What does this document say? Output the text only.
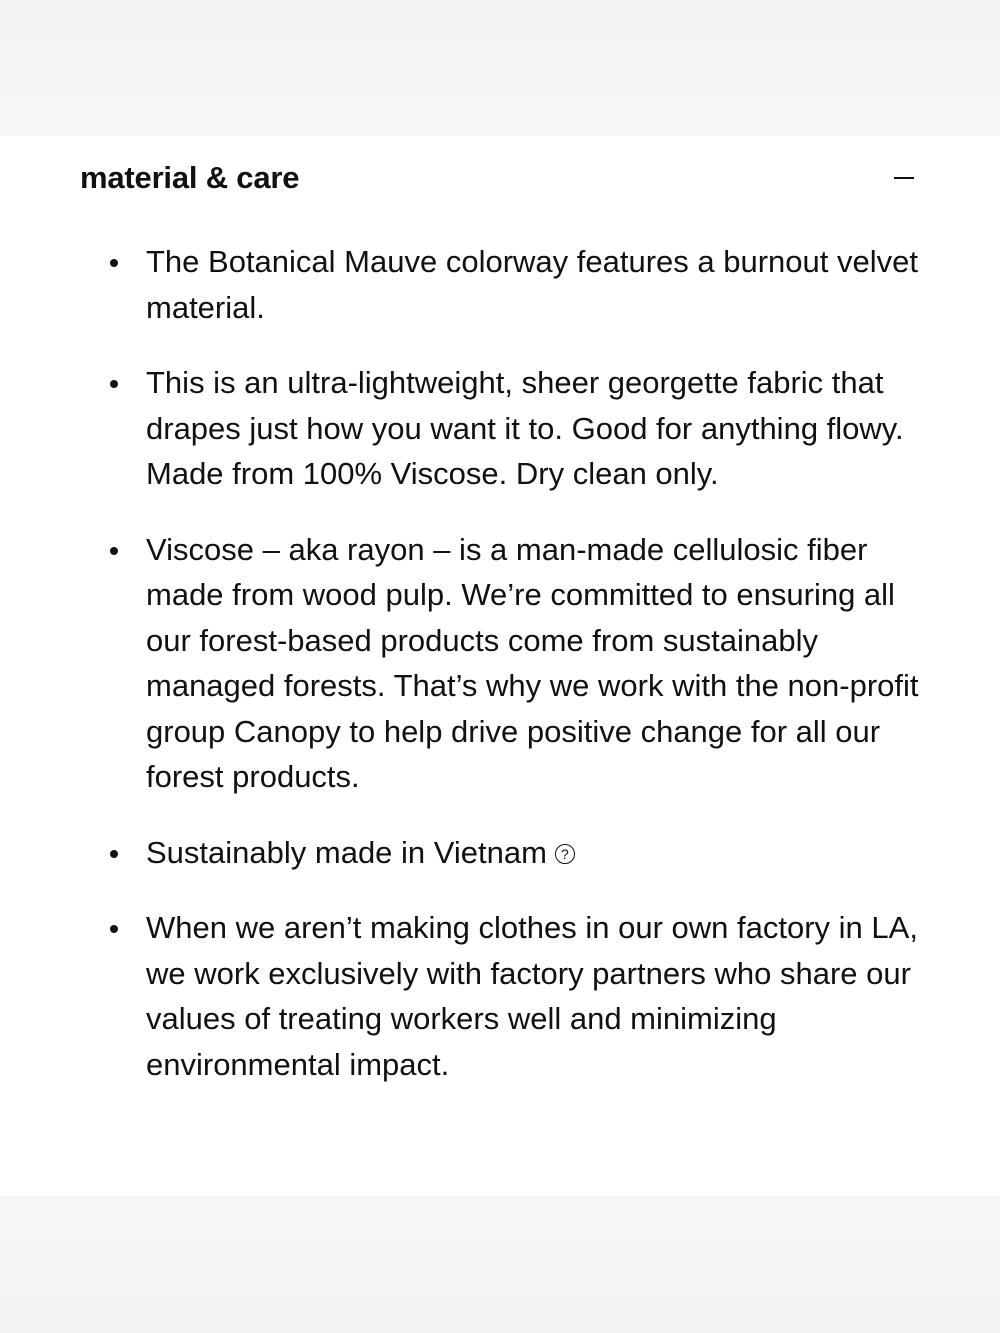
material & care
The Botanical Mauve colorway features a burnout velvet material.
This is an ultra-lightweight, sheer georgette fabric that drapes just how you want it to. Good for anything flowy. Made from 100% Viscose. Dry clean only.
Viscose – aka rayon – is a man-made cellulosic fiber made from wood pulp. We’re committed to ensuring all our forest-based products come from sustainably managed forests. That’s why we work with the non-profit group Canopy to help drive positive change for all our forest products.
Sustainably made in Vietnam ?
When we aren’t making clothes in our own factory in LA, we work exclusively with factory partners who share our values of treating workers well and minimizing environmental impact.
